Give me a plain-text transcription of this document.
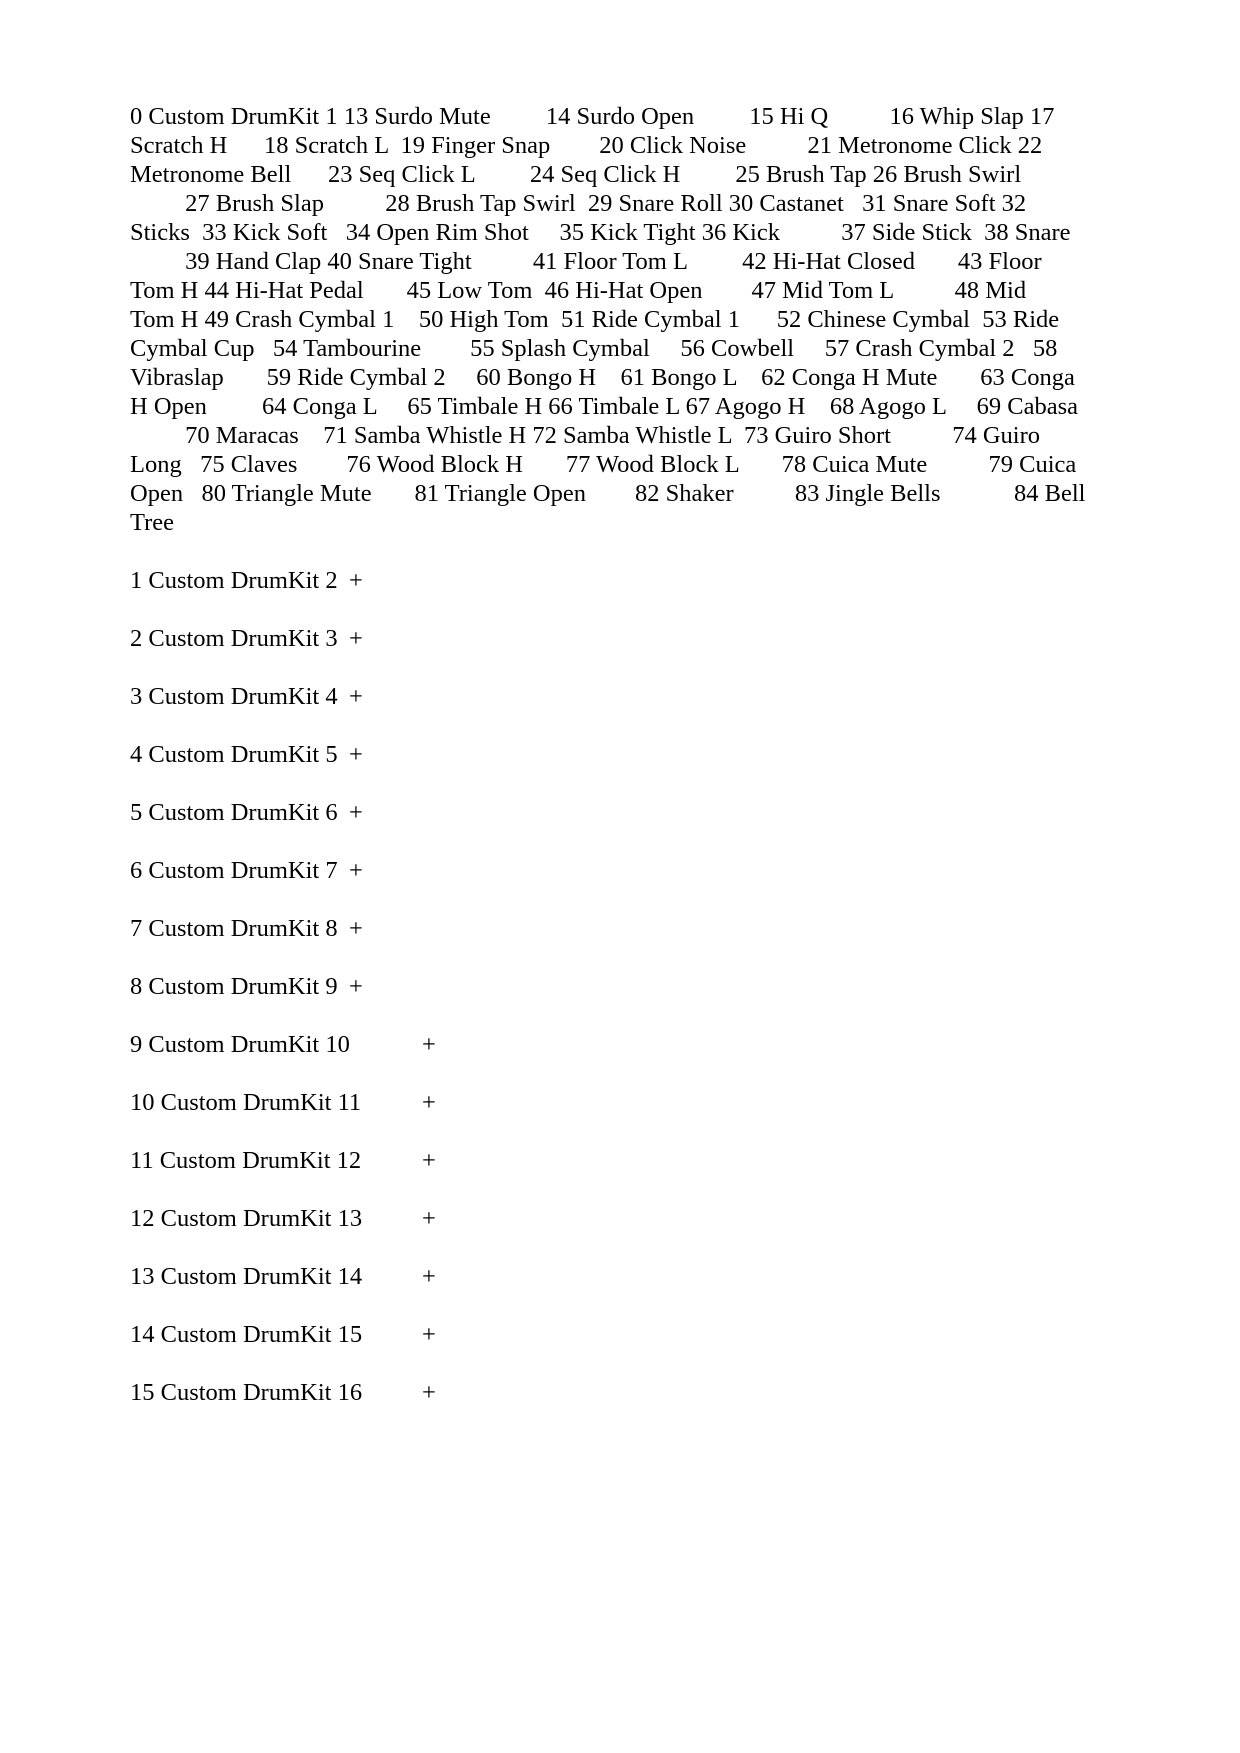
0 Custom DrumKit 1 13 Surdo Mute         14 Surdo Open         15 Hi Q          16 Whip Slap 17
Scratch H      18 Scratch L  19 Finger Snap        20 Click Noise          21 Metronome Click 22
Metronome Bell      23 Seq Click L         24 Seq Click H         25 Brush Tap 26 Brush Swirl
27 Brush Slap          28 Brush Tap Swirl  29 Snare Roll 30 Castanet   31 Snare Soft 32
Sticks  33 Kick Soft   34 Open Rim Shot     35 Kick Tight 36 Kick          37 Side Stick  38 Snare
39 Hand Clap 40 Snare Tight          41 Floor Tom L         42 Hi-Hat Closed       43 Floor
Tom H 44 Hi-Hat Pedal       45 Low Tom  46 Hi-Hat Open        47 Mid Tom L          48 Mid
Tom H 49 Crash Cymbal 1    50 High Tom  51 Ride Cymbal 1      52 Chinese Cymbal  53 Ride
Cymbal Cup   54 Tambourine        55 Splash Cymbal     56 Cowbell     57 Crash Cymbal 2   58
Vibraslap       59 Ride Cymbal 2     60 Bongo H    61 Bongo L    62 Conga H Mute       63 Conga
H Open         64 Conga L     65 Timbale H 66 Timbale L 67 Agogo H    68 Agogo L     69 Cabasa
70 Maracas    71 Samba Whistle H 72 Samba Whistle L  73 Guiro Short          74 Guiro
Long   75 Claves        76 Wood Block H       77 Wood Block L       78 Cuica Mute          79 Cuica
Open   80 Triangle Mute       81 Triangle Open        82 Shaker          83 Jingle Bells            84 Bell
Tree
1 Custom DrumKit 2 +
2 Custom DrumKit 3 +
3 Custom DrumKit 4 +
4 Custom DrumKit 5 +
5 Custom DrumKit 6 +
6 Custom DrumKit 7 +
7 Custom DrumKit 8 +
8 Custom DrumKit 9 +
9 Custom DrumKit 10	+
10 Custom DrumKit 11 +
11 Custom DrumKit 12 +
12 Custom DrumKit 13 +
13 Custom DrumKit 14 +
14 Custom DrumKit 15 +
15 Custom DrumKit 16 +
